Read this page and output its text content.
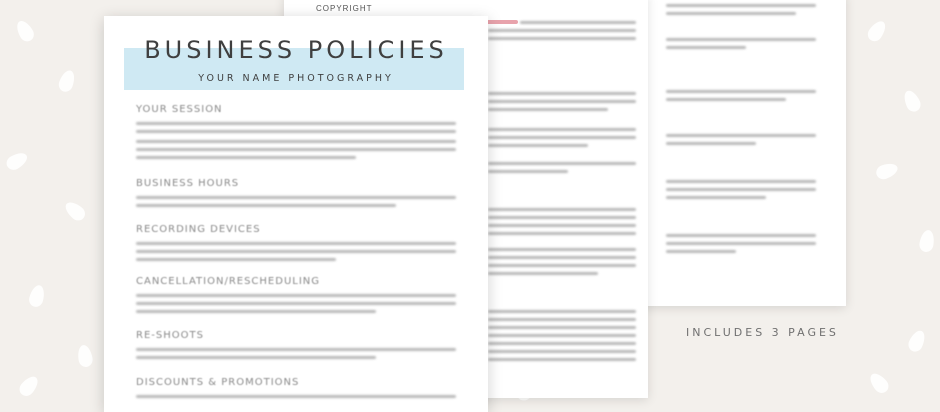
COPYRIGHT
BUSINESS POLICIES
YOUR NAME PHOTOGRAPHY
YOUR SESSION
BUSINESS HOURS
RECORDING DEVICES
CANCELLATION/RESCHEDULING
RE-SHOOTS
DISCOUNTS & PROMOTIONS
INCLUDES 3 PAGES
